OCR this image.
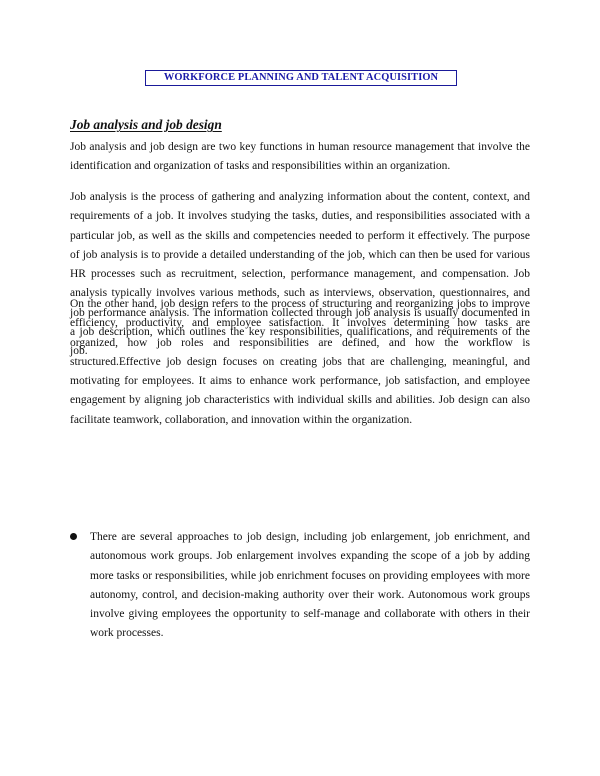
WORKFORCE PLANNING AND TALENT ACQUISITION
Job analysis and job design

Job analysis and job design are two key functions in human resource management that involve the identification and organization of tasks and responsibilities within an organization.

Job analysis is the process of gathering and analyzing information about the content, context, and requirements of a job. It involves studying the tasks, duties, and responsibilities associated with a particular job, as well as the skills and competencies needed to perform it effectively. The purpose of job analysis is to provide a detailed understanding of the job, which can then be used for various HR processes such as recruitment, selection, performance management, and compensation. Job analysis typically involves various methods, such as interviews, observation, questionnaires, and job performance analysis. The information collected through job analysis is usually documented in a job description, which outlines the key responsibilities, qualifications, and requirements of the job.

On the other hand, job design refers to the process of structuring and reorganizing jobs to improve efficiency, productivity, and employee satisfaction. It involves determining how tasks are organized, how job roles and responsibilities are defined, and how the workflow is structured.Effective job design focuses on creating jobs that are challenging, meaningful, and motivating for employees. It aims to enhance work performance, job satisfaction, and employee engagement by aligning job characteristics with individual skills and abilities. Job design can also facilitate teamwork, collaboration, and innovation within the organization.

There are several approaches to job design, including job enlargement, job enrichment, and autonomous work groups. Job enlargement involves expanding the scope of a job by adding more tasks or responsibilities, while job enrichment focuses on providing employees with more autonomy, control, and decision-making authority over their work. Autonomous work groups involve giving employees the opportunity to self-manage and collaborate with others in their work processes.
